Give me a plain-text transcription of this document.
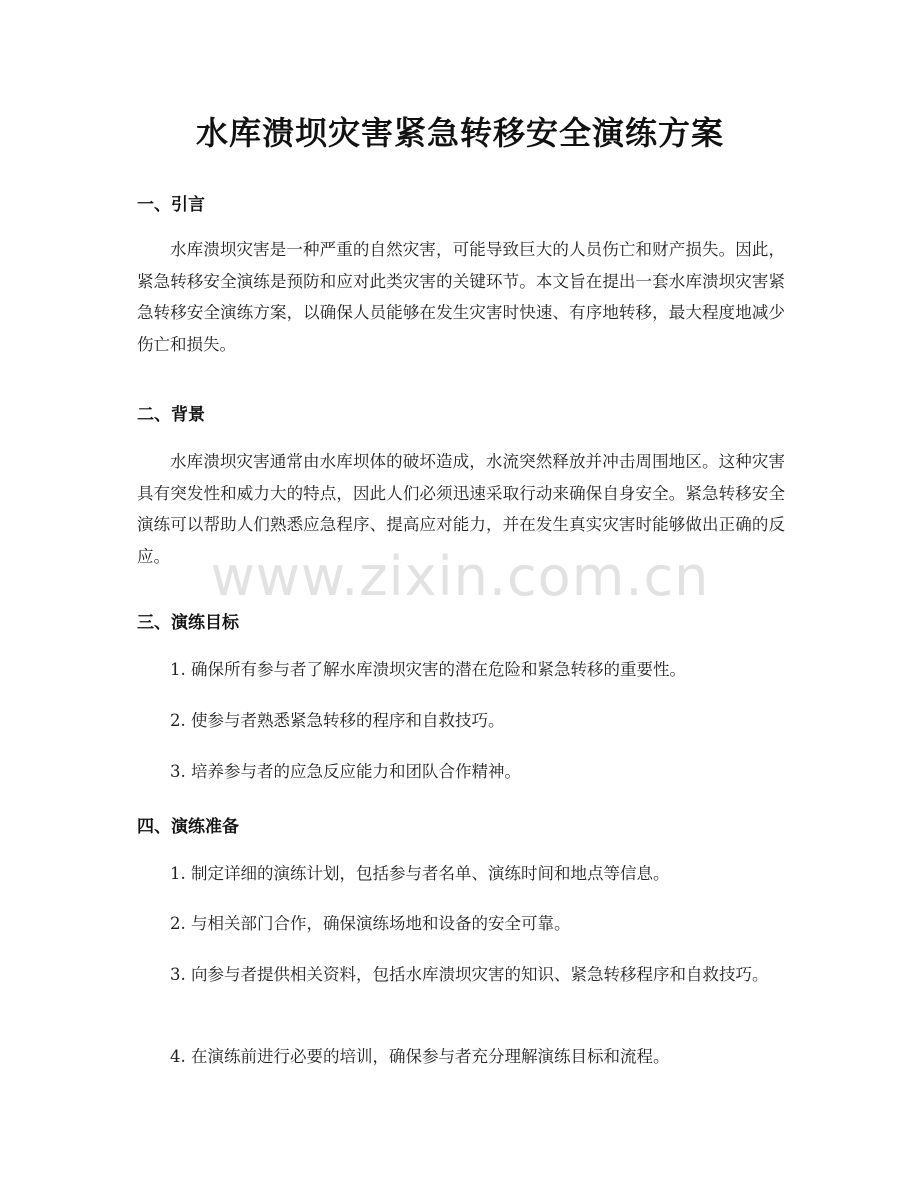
水库溃坝灾害紧急转移安全演练方案
一、引言

水库溃坝灾害是一种严重的自然灾害，可能导致巨大的人员伤亡和财产损失。因此，紧急转移安全演练是预防和应对此类灾害的关键环节。本文旨在提出一套水库溃坝灾害紧急转移安全演练方案，以确保人员能够在发生灾害时快速、有序地转移，最大程度地减少伤亡和损失。

二、背景

水库溃坝灾害通常由水库坝体的破坏造成，水流突然释放并冲击周围地区。这种灾害具有突发性和威力大的特点，因此人们必须迅速采取行动来确保自身安全。紧急转移安全演练可以帮助人们熟悉应急程序、提高应对能力，并在发生真实灾害时能够做出正确的反应。

三、演练目标

1. 确保所有参与者了解水库溃坝灾害的潜在危险和紧急转移的重要性。

2. 使参与者熟悉紧急转移的程序和自救技巧。

3. 培养参与者的应急反应能力和团队合作精神。

四、演练准备

1. 制定详细的演练计划，包括参与者名单、演练时间和地点等信息。

2. 与相关部门合作，确保演练场地和设备的安全可靠。

3. 向参与者提供相关资料，包括水库溃坝灾害的知识、紧急转移程序和自救技巧。

4. 在演练前进行必要的培训，确保参与者充分理解演练目标和流程。

www.zixin.com.cn
